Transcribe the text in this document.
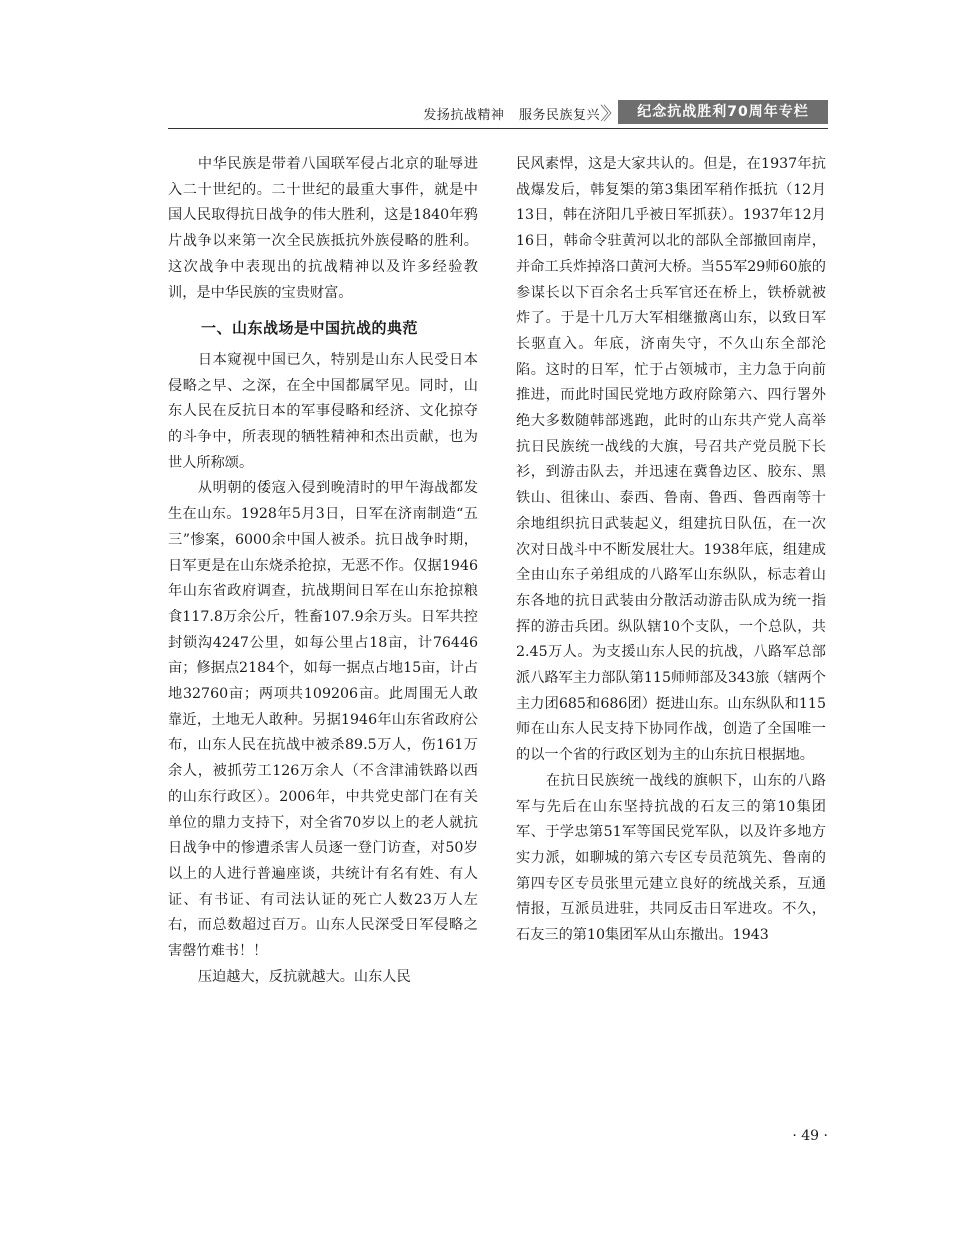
发扬抗战精神 服务民族复兴 〉〉	纪念抗战胜利70周年专栏

中华民族是带着八国联军侵占北京的耻辱进入二十世纪的。二十世纪的最重大事件，就是中国人民取得抗日战争的伟大胜利，这是1840年鸦片战争以来第一次全民族抵抗外族侵略的胜利。这次战争中表现出的抗战精神以及许多经验教训，是中华民族的宝贵财富。

一、山东战场是中国抗战的典范

日本窥视中国已久，特别是山东人民受日本侵略之早、之深，在全中国都属罕见。同时，山东人民在反抗日本的军事侵略和经济、文化掠夺的斗争中，所表现的牺牲精神和杰出贡献，也为世人所称颂。

从明朝的倭寇入侵到晚清时的甲午海战都发生在山东。1928年5月3日，日军在济南制造“五三”惨案，6000余中国人被杀。抗日战争时期，日军更是在山东烧杀抢掠，无恶不作。仅据1946年山东省政府调查，抗战期间日军在山东抢掠粮食117.8万余公斤，牲畜107.9余万头。日军共控封锁沟4247公里，如每公里占18亩，计76446亩；修据点2184个，如每一据点占地15亩，计占地32760亩；两项共109206亩。此周围无人敢靠近，土地无人敢种。另据1946年山东省政府公布，山东人民在抗战中被杀89.5万人，伤161万余人，被抓劳工126万余人（不含津浦铁路以西的山东行政区）。2006年，中共党史部门在有关单位的鼎力支持下，对全省70岁以上的老人就抗日战争中的惨遭杀害人员逐一登门访查，对50岁以上的人进行普遍座谈，共统计有名有姓、有人证、有书证、有司法认证的死亡人数23万人左右，而总数超过百万。山东人民深受日军侵略之害罄竹难书！！

压迫越大，反抗就越大。山东人民

民风素悍，这是大家共认的。但是，在1937年抗战爆发后，韩复榘的第3集团军稍作抵抗（12月13日，韩在济阳几乎被日军抓获）。1937年12月16日，韩命令驻黄河以北的部队全部撤回南岸，并命工兵炸掉洛口黄河大桥。当55军29师60旅的参谋长以下百余名士兵军官还在桥上，铁桥就被炸了。于是十几万大军相继撤离山东，以致日军长驱直入。年底，济南失守，不久山东全部沦陷。这时的日军，忙于占领城市，主力急于向前推进，而此时国民党地方政府除第六、四行署外绝大多数随韩部逃跑，此时的山东共产党人高举抗日民族统一战线的大旗，号召共产党员脱下长衫，到游击队去，并迅速在冀鲁边区、胶东、黑铁山、徂徕山、泰西、鲁南、鲁西、鲁西南等十余地组织抗日武装起义，组建抗日队伍，在一次次对日战斗中不断发展壮大。1938年底，组建成全由山东子弟组成的八路军山东纵队，标志着山东各地的抗日武装由分散活动游击队成为统一指挥的游击兵团。纵队辖10个支队，一个总队，共2.45万人。为支援山东人民的抗战，八路军总部派八路军主力部队第115师师部及343旅（辖两个主力团685和686团）挺进山东。山东纵队和115师在山东人民支持下协同作战，创造了全国唯一的以一个省的行政区划为主的山东抗日根据地。

在抗日民族统一战线的旗帜下，山东的八路军与先后在山东坚持抗战的石友三的第10集团军、于学忠第51军等国民党军队，以及许多地方实力派，如聊城的第六专区专员范筑先、鲁南的第四专区专员张里元建立良好的统战关系，互通情报，互派员进驻，共同反击日军进攻。不久，石友三的第10集团军从山东撤出。1943

· 49 ·
